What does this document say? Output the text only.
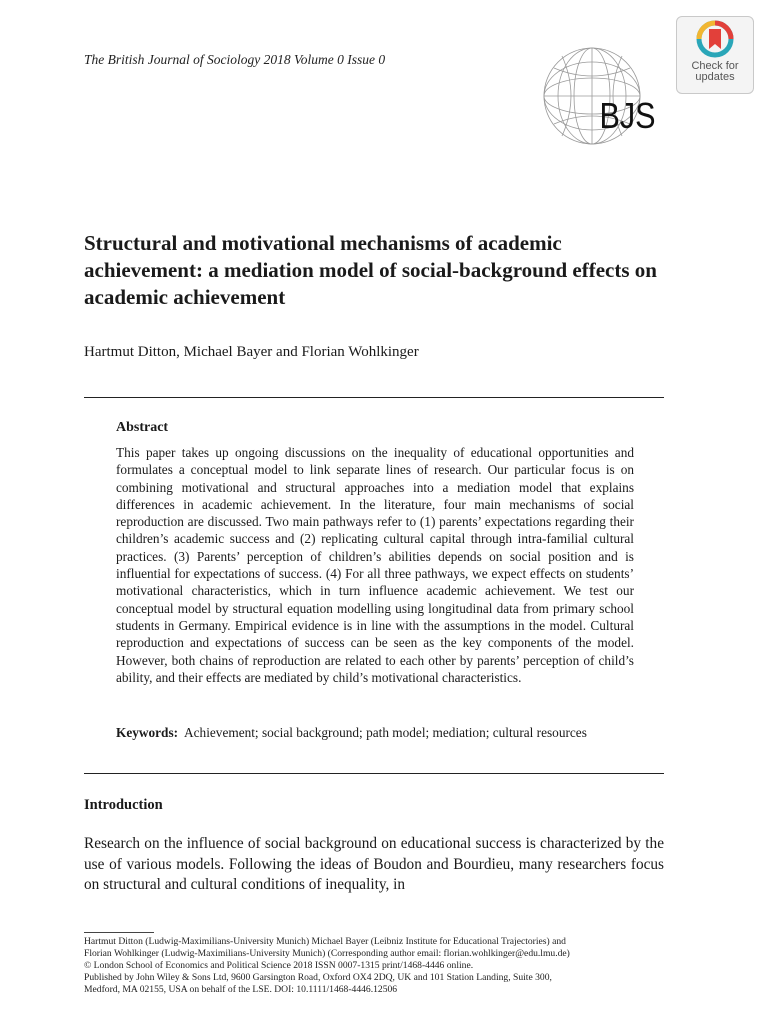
The British Journal of Sociology 2018 Volume 0 Issue 0
BJS
Check for
updates
Structural and motivational mechanisms of academic achievement: a mediation model of social-background effects on academic achievement
Hartmut Ditton, Michael Bayer and Florian Wohlkinger
Abstract

This paper takes up ongoing discussions on the inequality of educational opportunities and formulates a conceptual model to link separate lines of research. Our particular focus is on combining motivational and structural approaches into a mediation model that explains differences in academic achievement. In the literature, four main mechanisms of social reproduction are discussed. Two main pathways refer to (1) parents’ expectations regarding their children’s academic success and (2) replicating cultural capital through intra-familial cultural practices. (3) Parents’ perception of children’s abilities depends on social position and is influential for expectations of success. (4) For all three pathways, we expect effects on students’ motivational characteristics, which in turn influence academic achievement. We test our conceptual model by structural equation modelling using longitudinal data from primary school students in Germany. Empirical evidence is in line with the assumptions in the model. Cultural reproduction and expectations of success can be seen as the key components of the model. However, both chains of reproduction are related to each other by parents’ perception of child’s ability, and their effects are mediated by child’s motivational characteristics.

Keywords: Achievement; social background; path model; mediation; cultural resources

Introduction

Research on the influence of social background on educational success is characterized by the use of various models. Following the ideas of Boudon and Bourdieu, many researchers focus on structural and cultural conditions of inequality, in

Hartmut Ditton (Ludwig-Maximilians-University Munich) Michael Bayer (Leibniz Institute for Educational Trajectories) and
Florian Wohlkinger (Ludwig-Maximilians-University Munich) (Corresponding author email: florian.wohlkinger@edu.lmu.de)
© London School of Economics and Political Science 2018 ISSN 0007-1315 print/1468-4446 online.
Published by John Wiley & Sons Ltd, 9600 Garsington Road, Oxford OX4 2DQ, UK and 101 Station Landing, Suite 300,
Medford, MA 02155, USA on behalf of the LSE. DOI: 10.1111/1468-4446.12506
